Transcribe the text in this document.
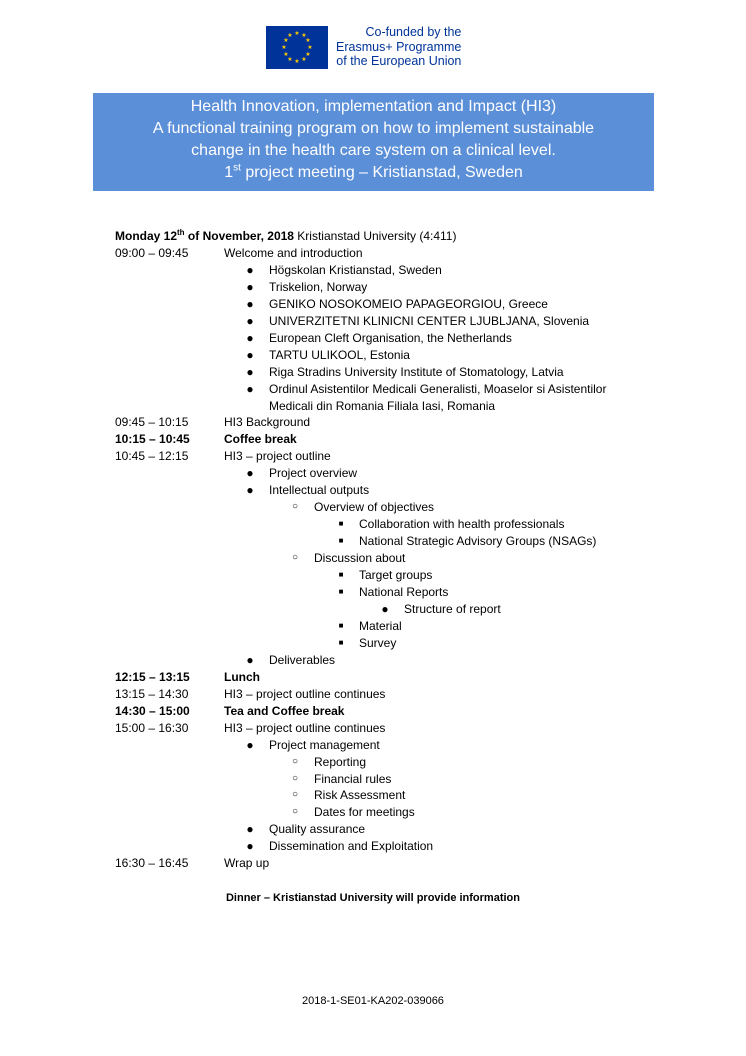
★ ★
★
★
★
★
★
★
★
★
★
★	Co-funded by the
Erasmus+ Programme
of the European Union
Health Innovation, implementation and Impact (HI3)
A functional training program on how to implement sustainable
change in the health care system on a clinical level.
1st project meeting – Kristianstad, Sweden
Monday 12th of November, 2018 Kristianstad University (4:411)
09:00 – 09:45	Welcome and introduction
● Högskolan Kristianstad, Sweden
● Triskelion, Norway
● GENIKO NOSOKOMEIO PAPAGEORGIOU, Greece
● UNIVERZITETNI KLINICNI CENTER LJUBLJANA, Slovenia
● European Cleft Organisation, the Netherlands
● TARTU ULIKOOL, Estonia
● Riga Stradins University Institute of Stomatology, Latvia
● Ordinul Asistentilor Medicali Generalisti, Moaselor si Asistentilor
Medicali din Romania Filiala Iasi, Romania
09:45 – 10:15	HI3 Background
10:15 – 10:45	Coffee break
10:45 – 12:15	HI3 – project outline
● Project overview
● Intellectual outputs
○ Overview of objectives
■ Collaboration with health professionals
■ National Strategic Advisory Groups (NSAGs)
○ Discussion about
■ Target groups
■ National Reports
● Structure of report
■ Material
■ Survey
● Deliverables
12:15 – 13:15	Lunch
13:15 – 14:30	HI3 – project outline continues
14:30 – 15:00	Tea and Coffee break
15:00 – 16:30	HI3 – project outline continues
● Project management
○ Reporting
○ Financial rules
○ Risk Assessment
○ Dates for meetings
● Quality assurance
● Dissemination and Exploitation
16:30 – 16:45	Wrap up
Dinner – Kristianstad University will provide information
2018-1-SE01-KA202-039066
